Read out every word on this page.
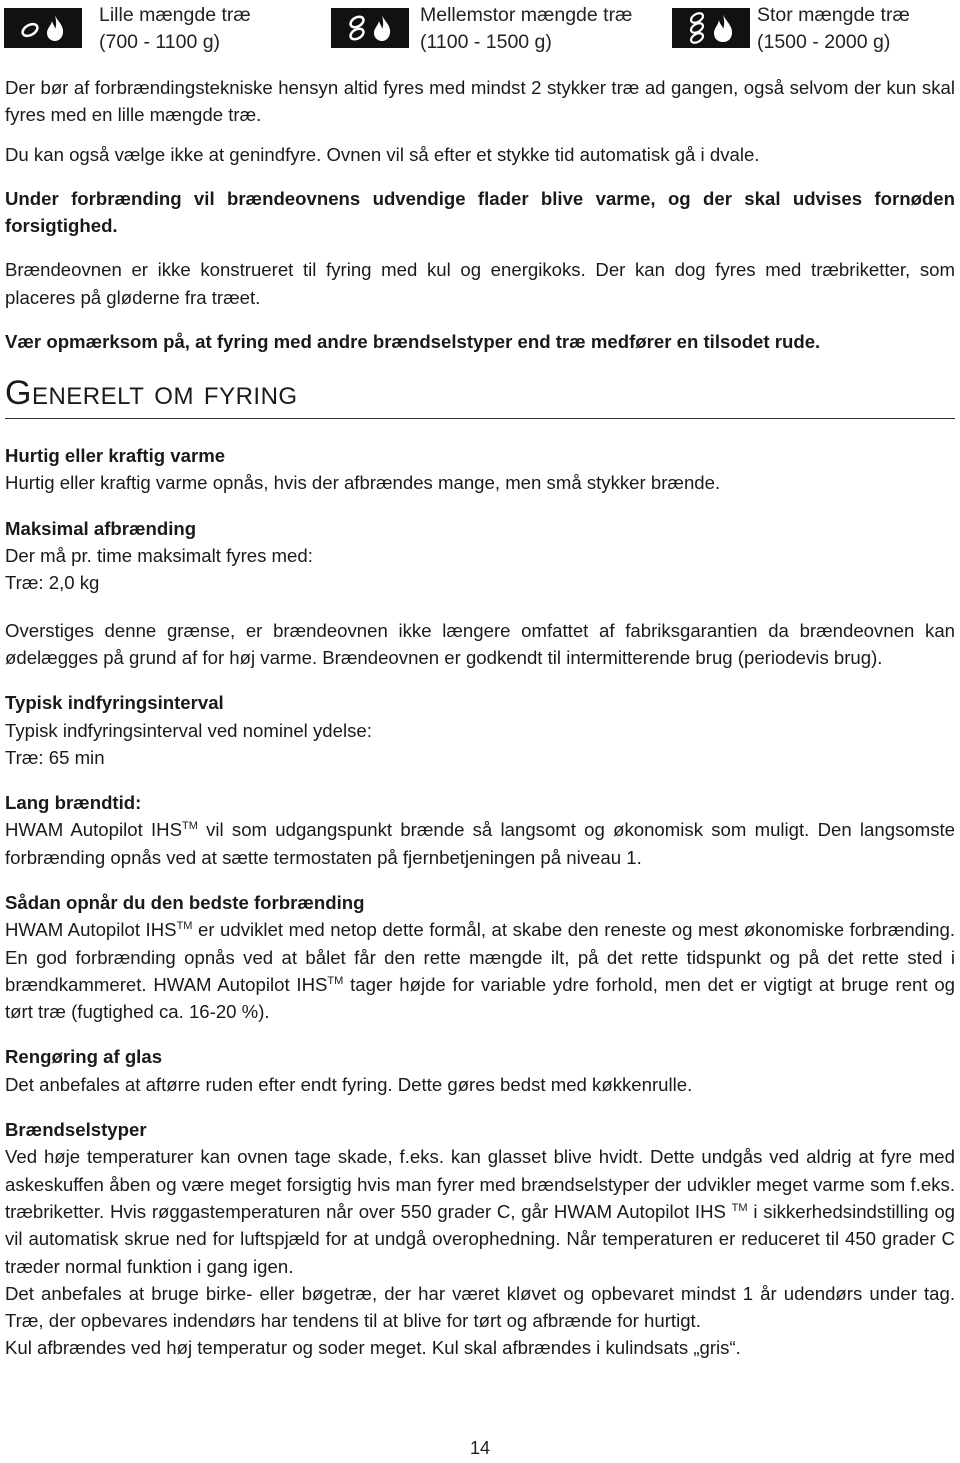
Lille mængde træ
(700 - 1100 g)
Mellemstor mængde træ
(1100 - 1500 g)
Stor mængde træ
(1500 - 2000 g)

Der bør af forbrændingstekniske hensyn altid fyres med mindst 2 stykker træ ad gangen, også selvom der kun skal fyres med en lille mængde træ.

Du kan også vælge ikke at genindfyre. Ovnen vil så efter et stykke tid automatisk gå i dvale.

Under forbrænding vil brændeovnens udvendige flader blive varme, og der skal udvises fornøden forsigtighed.

Brændeovnen er ikke konstrueret til fyring med kul og energikoks. Der kan dog fyres med træbriketter, som placeres på gløderne fra træet.

Vær opmærksom på, at fyring med andre brændselstyper end træ medfører en tilsodet rude.

Generelt om fyring
Hurtig eller kraftig varme

Hurtig eller kraftig varme opnås, hvis der afbrændes mange, men små stykker brænde.

Maksimal afbrænding

Der må pr. time maksimalt fyres med:

Træ: 2,0 kg

Overstiges denne grænse, er brændeovnen ikke længere omfattet af fabriksgarantien da brændeovnen kan ødelægges på grund af for høj varme. Brændeovnen er godkendt til intermitterende brug (periodevis brug).

Typisk indfyringsinterval

Typisk indfyringsinterval ved nominel ydelse:

Træ: 65 min

Lang brændtid:

HWAM Autopilot IHS™ vil som udgangspunkt brænde så langsomt og økonomisk som muligt. Den langsomste forbrænding opnås ved at sætte termostaten på fjernbetjeningen på niveau 1.

Sådan opnår du den bedste forbrænding

HWAM Autopilot IHS™ er udviklet med netop dette formål, at skabe den reneste og mest økonomiske forbrænding. En god forbrænding opnås ved at bålet får den rette mængde ilt, på det rette tidspunkt og på det rette sted i brændkammeret. HWAM Autopilot IHS™ tager højde for variable ydre forhold, men det er vigtigt at bruge rent og tørt træ (fugtighed ca. 16-20 %).

Rengøring af glas

Det anbefales at aftørre ruden efter endt fyring. Dette gøres bedst med køkkenrulle.

Brændselstyper

Ved høje temperaturer kan ovnen tage skade, f.eks. kan glasset blive hvidt. Dette undgås ved aldrig at fyre med askeskuffen åben og være meget forsigtig hvis man fyrer med brændselstyper der udvikler meget varme som f.eks. træbriketter. Hvis røggastemperaturen når over 550 grader C, går HWAM Autopilot IHS ™ i sikkerhedsindstilling og vil automatisk skrue ned for luftspjæld for at undgå overophedning. Når temperaturen er reduceret til 450 grader C træder normal funktion i gang igen.

Det anbefales at bruge birke- eller bøgetræ, der har været kløvet og opbevaret mindst 1 år udendørs under tag. Træ, der opbevares indendørs har tendens til at blive for tørt og afbrænde for hurtigt.

Kul afbrændes ved høj temperatur og soder meget. Kul skal afbrændes i kulindsats „gris“.

14
